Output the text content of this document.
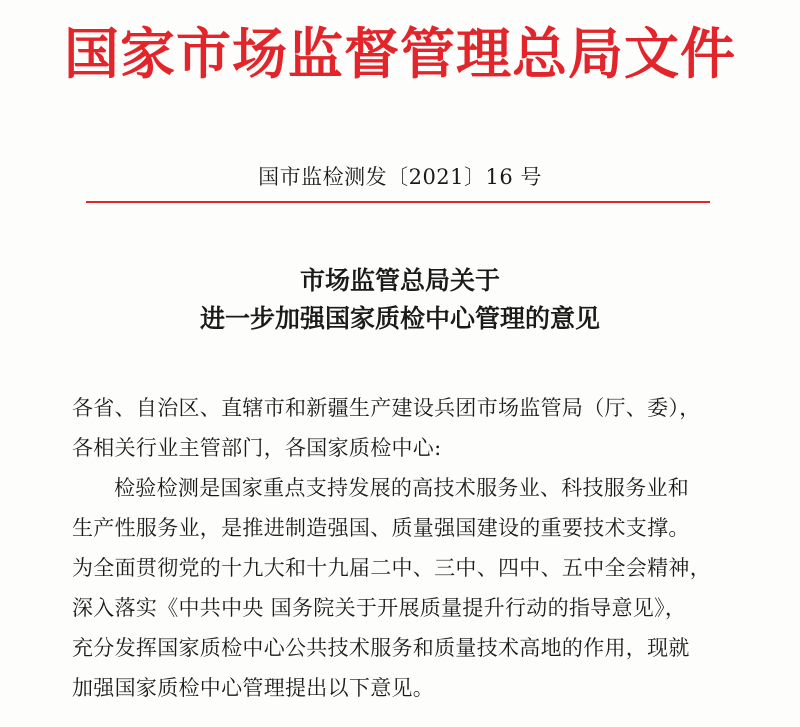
国家市场监督管理总局文件
国市监检测发〔2021〕16 号
市场监管总局关于
进一步加强国家质检中心管理的意见
各省、自治区、直辖市和新疆生产建设兵团市场监管局（厅、委），
各相关行业主管部门，各国家质检中心:
检验检测是国家重点支持发展的高技术服务业、科技服务业和
生产性服务业，是推进制造强国、质量强国建设的重要技术支撑。
为全面贯彻党的十九大和十九届二中、三中、四中、五中全会精神，
深入落实《中共中央 国务院关于开展质量提升行动的指导意见》，
充分发挥国家质检中心公共技术服务和质量技术高地的作用，现就
加强国家质检中心管理提出以下意见。
